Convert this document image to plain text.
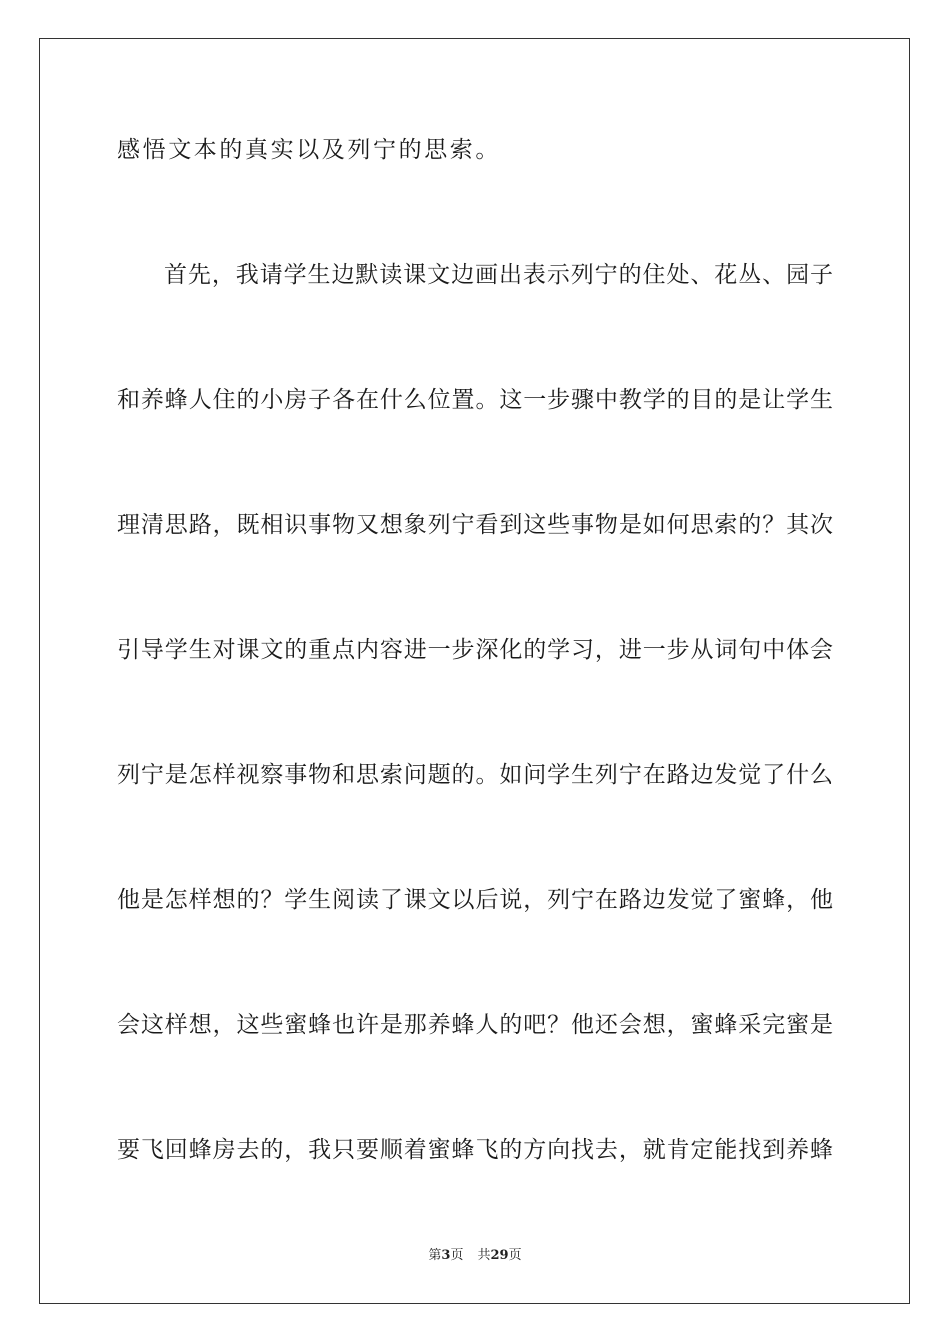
感悟文本的真实以及列宁的思索。
首先，我请学生边默读课文边画出表示列宁的住处、花丛、园子
和养蜂人住的小房子各在什么位置。这一步骤中教学的目的是让学生
理清思路，既相识事物又想象列宁看到这些事物是如何思索的？其次
引导学生对课文的重点内容进一步深化的学习，进一步从词句中体会
列宁是怎样视察事物和思索问题的。如问学生列宁在路边发觉了什么
他是怎样想的？学生阅读了课文以后说，列宁在路边发觉了蜜蜂，他
会这样想，这些蜜蜂也许是那养蜂人的吧？他还会想，蜜蜂采完蜜是
要飞回蜂房去的，我只要顺着蜜蜂飞的方向找去，就肯定能找到养蜂
第3页 共29页
